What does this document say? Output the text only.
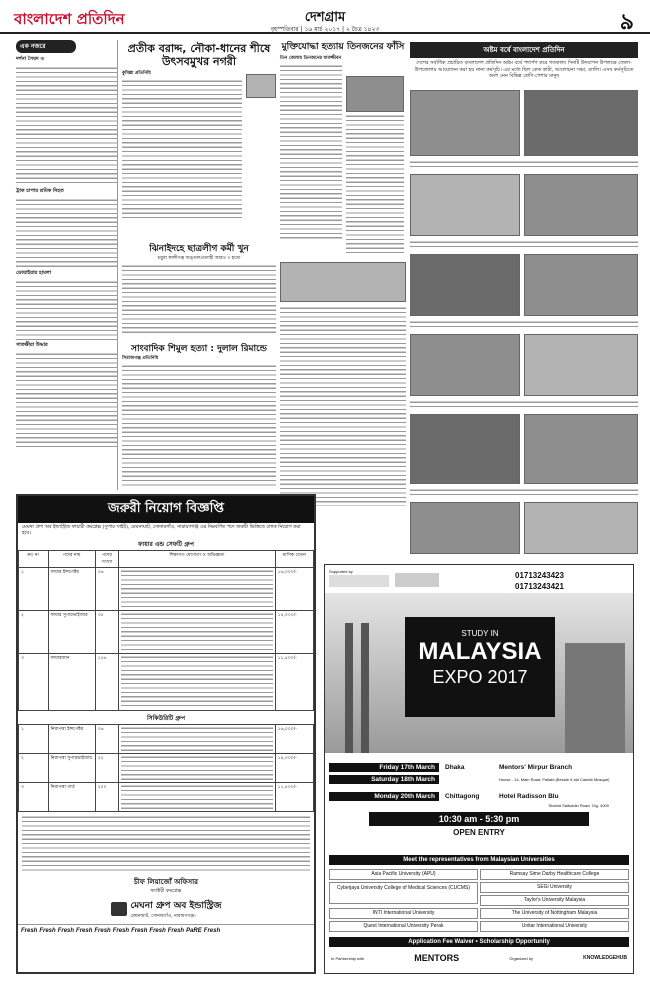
বাংলাদেশ প্রতিদিন	দেশগ্রাম
বৃহস্পতিবার | ১৬ মার্চ ২০১৭ | ২ চৈত্র ১৪২৩	৯
এক নজরে
দর্শনা সৈয়দ ও
ট্রাক চাপায় শ্রমিক নিহত
ডোয়াইয়ার হামলা
সাতক্ষীরা উদ্ধার
প্রতীক বরাদ্দ, নৌকা-ধানের শীষে উৎসবমুখর নগরী
কুমিল্লা প্রতিনিধি
মুক্তিযোদ্ধা হত্যায় তিনজনের ফাঁসি
তিন জেলায় তিনজনের যাবজ্জীবন
ঝিনাইদহে ছাত্রলীগ কর্মী খুন
চড়ুরা কালীগঞ্জ জঙ্গুলপ্রত্যাহী আরও ৩ হতো
সাংবাদিক শিমুল হত্যা : দুলাল রিমান্ডে
সিরাজগঞ্জ প্রতিনিধি
অষ্টম বর্ষে বাংলাদেশ প্রতিদিন
দেশের সর্বাধিক প্রচারিত বাংলাদেশ প্রতিদিন অষ্টম বর্ষে পদার্পণ করে গতকাল। দিনটি উদযাপন উপলক্ষে জেলা-উপজেলায় আয়োজন করা হয় নানা কর্মসূচি। এর মধ্যে ছিল কেক কাটা, আলোচনা সভা, র‌্যালি। এসব কর্মসূচিতে অংশ নেন বিভিন্ন শ্রেণি-পেশার মানুষ
জরুরী নিয়োগ বিজ্ঞপ্তি
মেঘনা গ্রুপ অব ইন্ডাস্ট্রিজ ফায়ারী কমপ্লেক্স (সুপার সাইট), মেঘনাঘাট, সোনারগাঁও, নারায়ণগঞ্জ এর নিম্নবর্ণিত পদে জরুরী ভিত্তিতে লোক নিয়োগ করা হবে।
ফায়ার এন্ড সেফটি গ্রুপ
ক্রঃ নং	পদের নাম	পদের সংখ্যা	শিক্ষাগত যোগ্যতা ও অভিজ্ঞতা	মাসিক বেতন
১	ফায়ার ইন্সপেক্টর	০৬		১৬,০০০/-
২	ফায়ার সুপারভাইজার	৩৫		১৪,০০০/-
৩	ফায়ারম্যান	১২৬		১১,৫০০/-
সিকিউরিটি গ্রুপ
১	নিরাপত্তা ইন্সপেক্টর	০৬		১৬,০০০/-
২	নিরাপত্তা সুপারভাইজার	২২		১৪,০০০/-
৩	নিরাপত্তা গার্ড	২০০		১১,৫০০/-
চীফ লিয়াজোঁ অফিসার
ফ্যাক্টরী কমপ্লেক্স
মেঘনা গ্রুপ অব ইন্ডাস্ট্রিজ
মেঘনাঘাট, সোনারগাঁও, নারায়ণগঞ্জ।
Fresh Fresh Fresh Fresh Fresh Fresh Fresh Fresh Fresh PaRE Fresh
Supported by	01713243423
01713243421
STUDY IN
MALAYSIA
EXPO 2017
Friday 17th March	Dhaka	Mentors' Mirpur Branch
Saturday 18th March	House - 14, Main Road, Pallabi (Beside It aid Cantab Mosque)
Monday 20th March	Chittagong	Hotel Radisson Blu
Shahid Saifuddin Road, Ctg. 4000
10:30 am - 5:30 pm
OPEN ENTRY
Meet the representatives from Malaysian Universities
Asia Pacific University (APU)	Ramsay Sime Darby Healthcare College
Cyberjaya University College of Medical Sciences (CUCMS)	SEGi University
Taylor's University Malaysia
INTI International University	The University of Nottingham Malaysia
Quest International University Perak	Unitar International University
Application Fee Waiver • Scholarship Opportunity
In Partnership with	MENTORS	Organized by	KNOWLEDGEHUB
